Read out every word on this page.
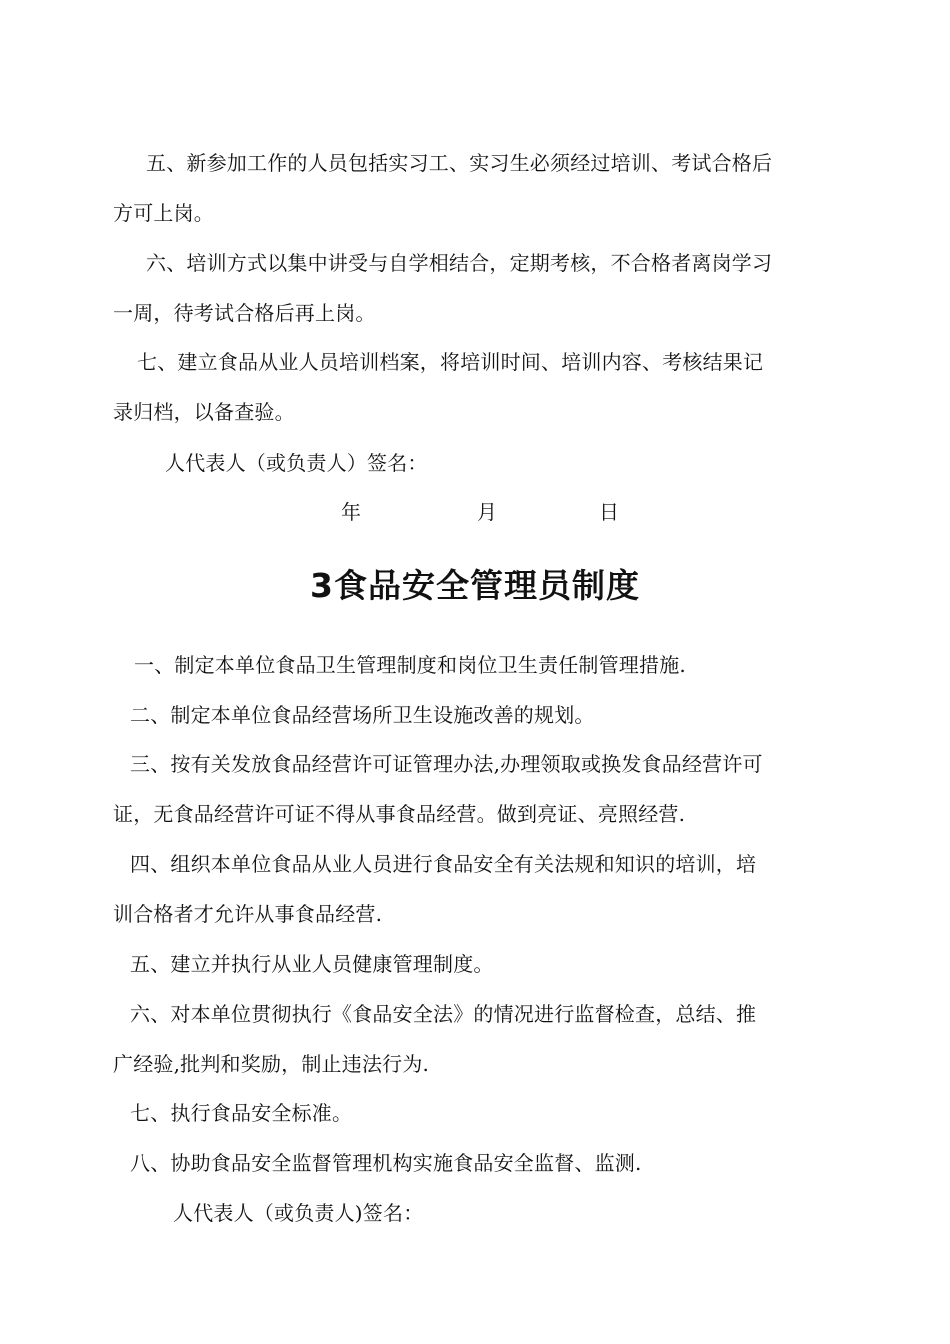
五、新参加工作的人员包括实习工、实习生必须经过培训、考试合格后
方可上岗。
六、培训方式以集中讲受与自学相结合，定期考核，不合格者离岗学习
一周，待考试合格后再上岗。
七、建立食品从业人员培训档案，将培训时间、培训内容、考核结果记
录归档，以备查验。
人代表人（或负责人）签名：
年	月	日
3食品安全管理员制度
一、制定本单位食品卫生管理制度和岗位卫生责任制管理措施.
二、制定本单位食品经营场所卫生设施改善的规划。
三、按有关发放食品经营许可证管理办法,办理领取或换发食品经营许可
证，无食品经营许可证不得从事食品经营。做到亮证、亮照经营.
四、组织本单位食品从业人员进行食品安全有关法规和知识的培训，培
训合格者才允许从事食品经营.
五、建立并执行从业人员健康管理制度。
六、对本单位贯彻执行《食品安全法》的情况进行监督检查，总结、推
广经验,批判和奖励，制止违法行为.
七、执行食品安全标准。
八、协助食品安全监督管理机构实施食品安全监督、监测.
人代表人（或负责人)签名：
